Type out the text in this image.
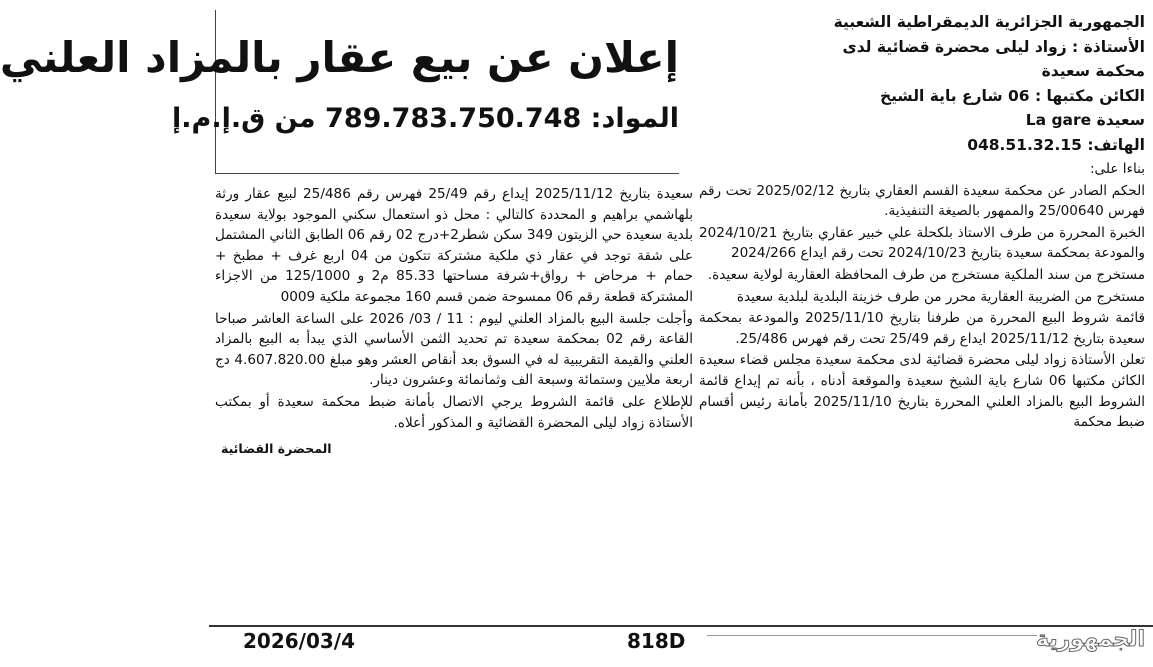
الجمهورية الجزائرية الديمقراطية الشعبية
الأستاذة : زواد ليلى محضرة قضائية لدى
محكمة سعيدة
الكائن مكتبها : 06 شارع باية الشيخ
سعيدة La gare
الهاتف: 048.51.32.15

بناءا على:

الحكم الصادر عن محكمة سعيدة القسم العقاري بتاريخ 2025/02/12 تحت رقم فهرس 25/00640 والممهور بالصيغة التنفيذية.

الخبرة المحررة من طرف الاستاذ بلكحلة علي خبير عقاري بتاريخ 2024/10/21 والمودعة بمحكمة سعيدة بتاريخ 2024/10/23 تحت رقم ايداع 2024/266

مستخرج من سند الملكية مستخرج من طرف المحافظة العقارية لولاية سعيدة.

مستخرج من الضريبة العقارية محرر من طرف خزينة البلدية لبلدية سعيدة

قائمة شروط البيع المحررة من طرفنا بتاريخ 2025/11/10 والمودعة بمحكمة سعيدة بتاريخ 2025/11/12 ايداع رقم 25/49 تحت رقم فهرس 25/486.

تعلن الأستاذة زواد ليلى محضرة قضائية لدى محكمة سعيدة مجلس قضاء سعيدة الكائن مكتبها 06 شارع باية الشيخ سعيدة والموقعة أدناه ، بأنه تم إيداع قائمة الشروط البيع بالمزاد العلني المحررة بتاريخ 2025/11/10 بأمانة رئيس أقسام ضبط محكمة

إعلان عن بيع عقار بالمزاد العلني
المواد: 789.783.750.748 من ق.إ.م.إ

سعيدة بتاريخ 2025/11/12 إيداع رقم 25/49 فهرس رقم 25/486 لبيع عقار ورثة بلهاشمي براهيم و المحددة كالتالي : محل ذو استعمال سكني الموجود بولاية سعيدة بلدية سعيدة حي الزيتون 349 سكن شطر2+درج 02 رقم 06 الطابق الثاني المشتمل على شقة توجد في عقار ذي ملكية مشتركة تتكون من 04 اربع غرف + مطبخ + حمام + مرحاض + رواق+شرفة مساحتها 85.33 م2 و 125/1000 من الاجزاء المشتركة قطعة رقم 06 ممسوحة ضمن قسم 160 مجموعة ملكية 0009

وأجلت جلسة البيع بالمزاد العلني ليوم : 11 / 03/ 2026 على الساعة العاشر صباحا القاعة رقم 02 بمحكمة سعيدة تم تحديد الثمن الأساسي الذي يبدأ به البيع بالمزاد العلني والقيمة التقريبية له في السوق بعد أنقاص العشر وهو مبلغ 4.607.820.00 دج اربعة ملايين وستمائة وسبعة الف وثمانمائة وعشرون دينار.

للإطلاع على قائمة الشروط يرجي الاتصال بأمانة ضبط محكمة سعيدة أو بمكتب الأستاذة زواد ليلى المحضرة القضائية و المذكور أعلاه.

المحضرة القضائية
2026/03/4	818D	الجمهورية
